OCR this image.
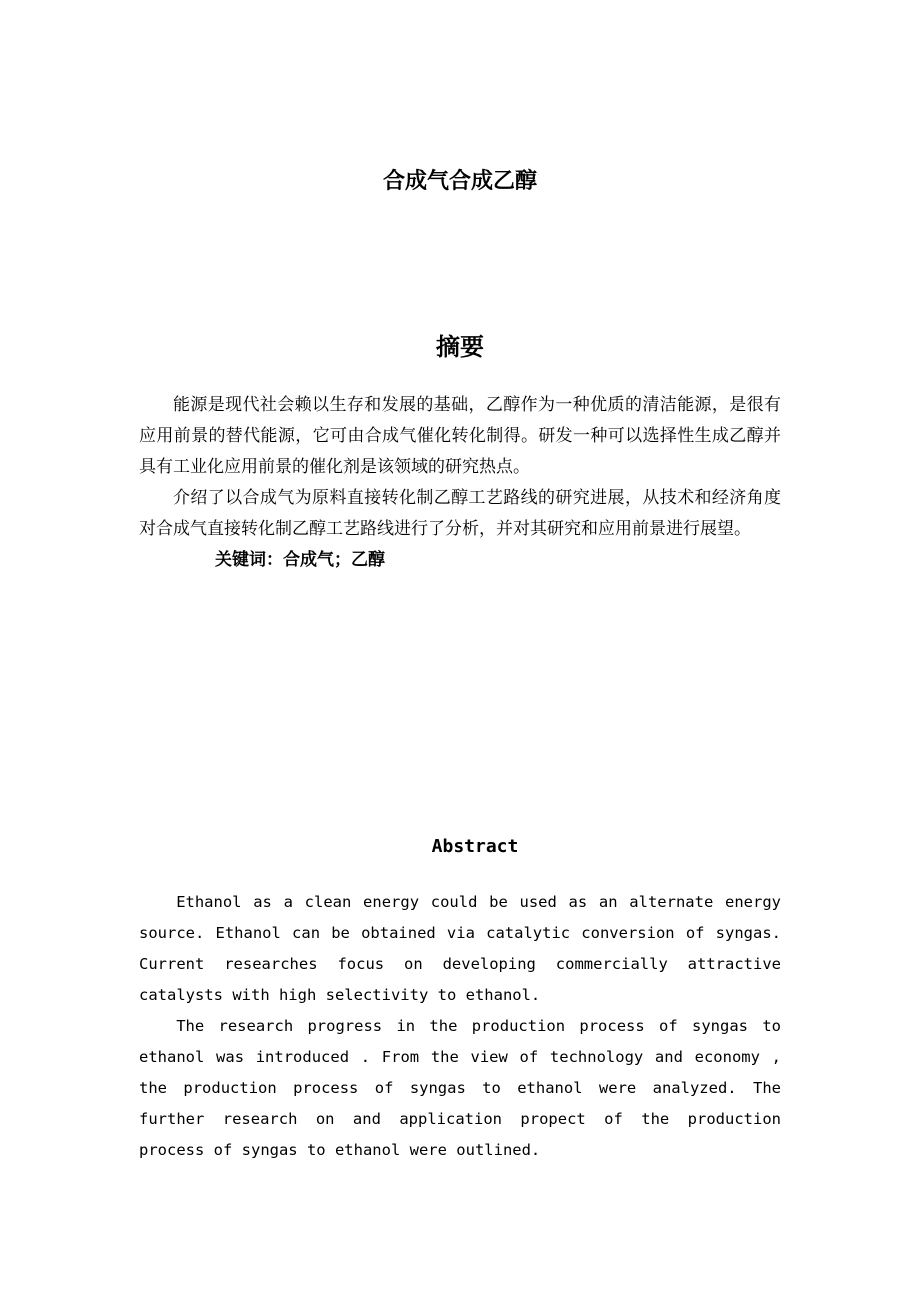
合成气合成乙醇
摘要

能源是现代社会赖以生存和发展的基础，乙醇作为一种优质的清洁能源，是很有应用前景的替代能源，它可由合成气催化转化制得。研发一种可以选择性生成乙醇并具有工业化应用前景的催化剂是该领域的研究热点。

介绍了以合成气为原料直接转化制乙醇工艺路线的研究进展，从技术和经济角度对合成气直接转化制乙醇工艺路线进行了分析，并对其研究和应用前景进行展望。

关键词：合成气；乙醇

Abstract

Ethanol as a clean energy could be used as an alternate energy source. Ethanol can be obtained via catalytic conversion of syngas. Current researches focus on developing commercially attractive catalysts with high selectivity to ethanol.

The research progress in the production process of syngas to ethanol was introduced . From the view of technology and economy , the production process of syngas to ethanol were analyzed. The further research on and application propect of the production process of syngas to ethanol were outlined.
